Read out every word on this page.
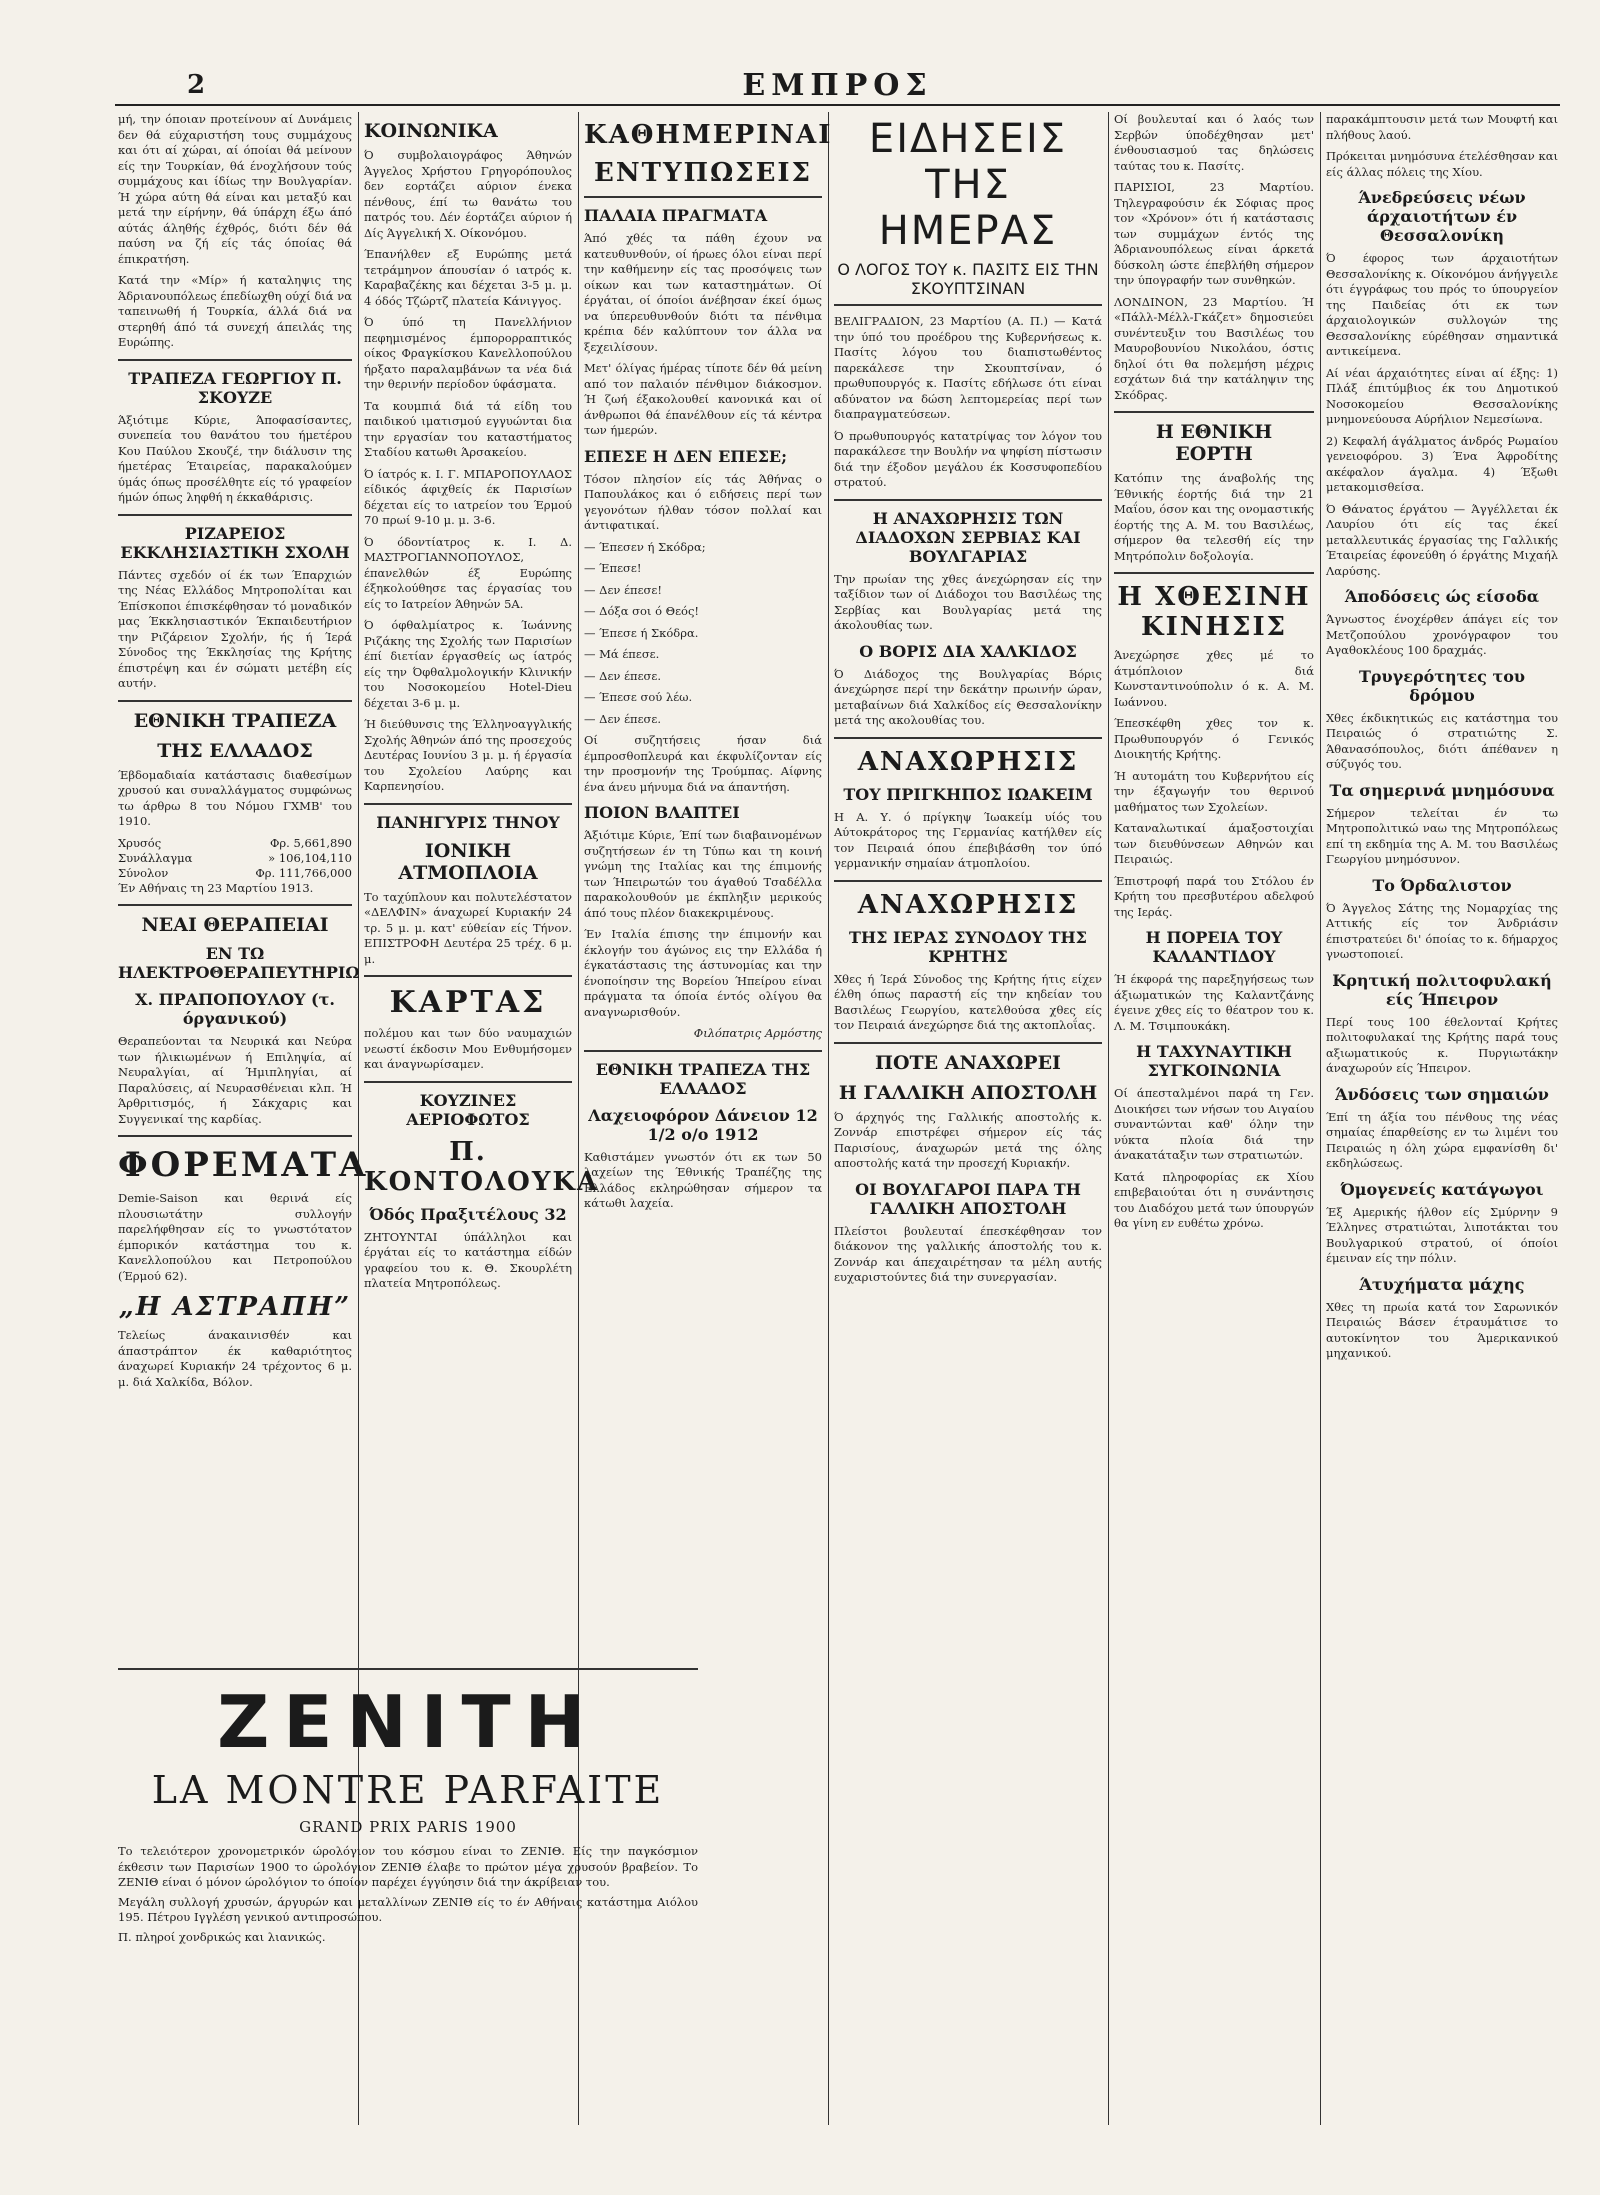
2	ΕΜΠΡΟΣ

μή, την όποιαν προτείνουν αί Δυνάμεις δεν θά εύχαριστήση τους συμμάχους και ότι αί χώραι, αί όποίαι θά μείνουν είς την Τουρκίαν, θά ένοχλήσουν τούς συμμάχους και ίδίως την Βουλγαρίαν. Ή χώρα αύτη θά είναι και μεταξύ και μετά την είρήνην, θά ύπάρχη έξω άπό αύτάς άληθής έχθρός, διότι δέν θά παύση να ζή είς τάς όποίας θά έπικρατήση.

Κατά την «Μίρ» ή καταληψις της Άδριανουπόλεως έπεδίωχθη ούχί διά να ταπεινωθή ή Τουρκία, άλλά διά να στερηθή άπό τά συνεχή άπειλάς της Ευρώπης.

ΤΡΑΠΕΖΑ ΓΕΩΡΓΙΟΥ Π. ΣΚΟΥΖΕ

Άξιότιμε Κύριε, Άποφασίσαντες, συνεπεία του θανάτου του ήμετέρου Κου Παύλου Σκουζέ, την διάλυσιν της ήμετέρας Έταιρείας, παρακαλούμεν ύμάς όπως προσέλθητε είς τό γραφείον ήμών όπως ληφθή η έκκαθάρισις.

ΡΙΖΑΡΕΙΟΣ ΕΚΚΛΗΣΙΑΣΤΙΚΗ ΣΧΟΛΗ

Πάντες σχεδόν οί έκ των Έπαρχιών της Νέας Ελλάδος Μητροπολίται και Έπίσκοποι έπισκέφθησαν τό μοναδικόν μας Έκκλησιαστικόν Έκπαιδευτήριον την Ριζάρειον Σχολήν, ής ή Ίερά Σύνοδος της Έκκλησίας της Κρήτης έπιστρέψη και έν σώματι μετέβη είς αυτήν.

ΕΘΝΙΚΗ ΤΡΑΠΕΖΑ
ΤΗΣ ΕΛΛΑΔΟΣ

Έβδομαδιαία κατάστασις διαθεσίμων χρυσού και συναλλάγματος συμφώνως τω άρθρω 8 του Νόμου ΓΧΜΒ' του 1910.

Χρυσός	Φρ. 5,661,890
Συνάλλαγμα	» 106,104,110
Σύνολον	Φρ. 111,766,000

Έν Αθήναις τη 23 Μαρτίου 1913.

ΝΕΑΙ ΘΕΡΑΠΕΙΑΙ
ΕΝ ΤΩ ΗΛΕΚΤΡΟΘΕΡΑΠΕΥΤΗΡΙΩ
Χ. ΠΡΑΠΟΠΟΥΛΟΥ (τ. όργανικού)

Θεραπεύονται τα Νευρικά και Νεύρα των ήλικιωμένων ή Επιληψία, αί Νευραλγίαι, αί Ήμιπληγίαι, αί Παραλύσεις, αί Νευρασθένειαι κλπ. Ή Άρθριτισμός, ή Σάκχαρις και Συγγενικαί της καρδίας.

ΦΟΡΕΜΑΤΑ

Demie-Saison και θερινά είς πλουσιωτάτην συλλογήν παρελήφθησαν είς το γνωστότατον έμπορικόν κατάστημα του κ. Κανελλοπούλου και Πετροπούλου (Έρμού 62).

„Η ΑΣΤΡΑΠΗ”

Τελείως άνακαινισθέν και άπαστράπτον έκ καθαριότητος άναχωρεί Κυριακήν 24 τρέχοντος 6 μ. μ. διά Χαλκίδα, Βόλον.

ΚΟΙΝΩΝΙΚΑ

Ό συμβολαιογράφος Άθηνών Άγγελος Χρήστου Γρηγορόπουλος δεν εορτάζει αύριον ένεκα πένθους, έπί τω θανάτω του πατρός του. Δέν έορτάζει αύριον ή Δίς Άγγελική Χ. Οίκονόμου.

Έπανήλθεν εξ Ευρώπης μετά τετράμηνον άπουσίαν ό ιατρός κ. Καραβαζέκης και δέχεται 3-5 μ. μ. 4 όδός Τζώρτζ πλατεία Κάνιγγος.

Ό ύπό τη Πανελλήνιον πεφημισμένος έμπορορραπτικός οίκος Φραγκίσκου Κανελλοπούλου ήρξατο παραλαμβάνων τα νέα διά την θερινήν περίοδον ύφάσματα.

Τα κουμπιά διά τά είδη του παιδικού ιματισμού εγγυώνται δια την εργασίαν του καταστήματος Σταδίου κατωθι Άρσακείου.

Ό ίατρός κ. Ι. Γ. ΜΠΑΡΟΠΟΥΛΑΟΣ είδικός άφιχθείς έκ Παρισίων δέχεται είς το ιατρείον του Έρμού 70 πρωί 9-10 μ. μ. 3-6.

Ό όδοντίατρος κ. Ι. Δ. ΜΑΣΤΡΟΓΙΑΝΝΟΠΟΥΛΟΣ, έπανελθών έξ Ευρώπης έξηκολούθησε τας έργασίας του είς το Ιατρείον Άθηνών 5Α.

Ό όφθαλμίατρος κ. Ίωάννης Ριζάκης της Σχολής των Παρισίων έπί διετίαν έργασθείς ως ίατρός είς την Όφθαλμολογικήν Κλινικήν του Νοσοκομείου Hotel-Dieu δέχεται 3-6 μ. μ.

Ή διεύθυνσις της Έλληνοαγγλικής Σχολής Άθηνών άπό της προσεχούς Δευτέρας Ιουνίου 3 μ. μ. ή έργασία του Σχολείου Λαύρης και Καρπενησίου.

ΠΑΝΗΓΥΡΙΣ ΤΗΝΟΥ
ΙΟΝΙΚΗ ΑΤΜΟΠΛΟΙΑ

Το ταχύπλουν και πολυτελέστατον «ΔΕΛΦΙΝ» άναχωρεί Κυριακήν 24 τρ. 5 μ. μ. κατ' εύθείαν είς Τήνον. ΕΠΙΣΤΡΟΦΗ Δευτέρα 25 τρέχ. 6 μ. μ.

ΚΑΡΤΑΣ

πολέμου και των δύο ναυμαχιών νεωστί έκδοσιν Μου Ενθυμήσομεν και άναγνωρίσαμεν.

ΚΟΥΖΙΝΕΣ ΑΕΡΙΟΦΩΤΟΣ
Π. ΚΟΝΤΟΛΟΥΚΑ
Όδός Πραξιτέλους 32

ΖΗΤΟΥΝΤΑΙ ύπάλληλοι και έργάται είς το κατάστημα είδών γραφείου του κ. Θ. Σκουρλέτη πλατεία Μητροπόλεως.

ΚΑΘΗΜΕΡΙΝΑΙ
ΕΝΤΥΠΩΣΕΙΣ
ΠΑΛΑΙΑ ΠΡΑΓΜΑΤΑ

Άπό χθές τα πάθη έχουν να κατευθυνθούν, οί ήρωες όλοι είναι περί την καθήμενην είς τας προσόψεις των οίκων και των καταστημάτων. Οί έργάται, οί όποίοι άνέβησαν έκεί όμως να ύπερευθυνθούν διότι τα πένθιμα κρέπια δέν καλύπτουν τον άλλα να ξεχειλίσουν.

Μετ' όλίγας ήμέρας τίποτε δέν θά μείνη από τον παλαιόν πένθιμον διάκοσμον. Ή ζωή έξακολουθεί κανονικά και οί άνθρωποι θά έπανέλθουν είς τά κέντρα των ήμερών.

ΕΠΕΣΕ Η ΔΕΝ ΕΠΕΣΕ;

Τόσον πλησίον είς τάς Άθήνας ο Παπουλάκος και ό ειδήσεις περί των γεγονότων ήλθαν τόσον πολλαί και άντιφατικαί.

— Έπεσεν ή Σκόδρα;

— Έπεσε!

— Δεν έπεσε!

— Δόξα σοι ό Θεός!

— Έπεσε ή Σκόδρα.

— Μά έπεσε.

— Δεν έπεσε.

— Έπεσε σού λέω.

— Δεν έπεσε.

Οί συζητήσεις ήσαν διά έμπροσθοπλευρά και έκφυλίζονταν είς την προσμονήν της Τρούμπας. Αίφνης ένα άνευ μήνυμα διά να άπαντήση.

ΠΟΙΟΝ ΒΛΑΠΤΕΙ

Άξιότιμε Κύριε, Έπί των διαβαινομένων συζητήσεων έν τη Τύπω και τη κοινή γνώμη της Ιταλίας και της έπιμονής των Ήπειρωτών του άγαθού Τσαδέλλα παρακολουθούν με έκπληξιν μερικούς άπό τους πλέον διακεκριμένους.

Έν Ιταλία έπισης την έπιμονήν και έκλογήν του άγώνος εις την Ελλάδα ή έγκατάστασις της άστυνομίας και την ένοποίησιν της Βορείου Ήπείρου είναι πράγματα τα όποία έντός ολίγου θα αναγνωρισθούν.

Φιλόπατρις Αρμόστης

ΕΘΝΙΚΗ ΤΡΑΠΕΖΑ ΤΗΣ ΕΛΛΑΔΟΣ
Λαχειοφόρον Δάνειον 12 1/2 ο/ο 1912

Καθιστάμεν γνωστόν ότι εκ των 50 λαχείων της Έθνικής Τραπέζης της Ελλάδος εκληρώθησαν σήμερον τα κάτωθι λαχεία.

ΕΙΔΗΣΕΙΣ ΤΗΣ ΗΜΕΡΑΣ
Ο ΛΟΓΟΣ ΤΟΥ κ. ΠΑΣΙΤΣ ΕΙΣ ΤΗΝ ΣΚΟΥΠΤΣΙΝΑΝ

ΒΕΛΙΓΡΑΔΙΟΝ, 23 Μαρτίου (Α. Π.) — Κατά την ύπό του προέδρου της Κυβερνήσεως κ. Πασίτς λόγου του διαπιστωθέντος παρεκάλεσε την Σκουπτσίναν, ό πρωθυπουργός κ. Πασίτς εδήλωσε ότι είναι αδύνατον να δώση λεπτομερείας περί των διαπραγματεύσεων.

Ό πρωθυπουργός κατατρίψας τον λόγον του παρακάλεσε την Βουλήν να ψηφίση πίστωσιν διά την έξοδον μεγάλου έκ Κοσσυφοπεδίου στρατού.

Η ΑΝΑΧΩΡΗΣΙΣ ΤΩΝ ΔΙΑΔΟΧΩΝ ΣΕΡΒΙΑΣ ΚΑΙ ΒΟΥΛΓΑΡΙΑΣ

Την πρωίαν της χθες άνεχώρησαν είς την ταξίδιον των οί Διάδοχοι του Βασιλέως της Σερβίας και Βουλγαρίας μετά της άκολουθίας των.

Ο ΒΟΡΙΣ ΔΙΑ ΧΑΛΚΙΔΟΣ

Ό Διάδοχος της Βουλγαρίας Βόρις άνεχώρησε περί την δεκάτην πρωινήν ώραν, μεταβαίνων διά Χαλκίδος είς Θεσσαλονίκην μετά της ακολουθίας του.

ΑΝΑΧΩΡΗΣΙΣ
ΤΟΥ ΠΡΙΓΚΗΠΟΣ ΙΩΑΚΕΙΜ

Η Α. Υ. ό πρίγκηψ Ίωακείμ υίός του Αύτοκράτορος της Γερμανίας κατήλθεν είς τον Πειραιά όπου έπεβιβάσθη τον ύπό γερμανικήν σημαίαν άτμοπλοίου.

ΑΝΑΧΩΡΗΣΙΣ
ΤΗΣ ΙΕΡΑΣ ΣΥΝΟΔΟΥ ΤΗΣ ΚΡΗΤΗΣ

Χθες ή Ίερά Σύνοδος της Κρήτης ήτις είχεν έλθη όπως παραστή είς την κηδείαν του Βασιλέως Γεωργίου, κατελθούσα χθες είς τον Πειραιά άνεχώρησε διά της ακτοπλοΐας.

ΠΟΤΕ ΑΝΑΧΩΡΕΙ
Η ΓΑΛΛΙΚΗ ΑΠΟΣΤΟΛΗ

Ό άρχηγός της Γαλλικής αποστολής κ. Ζοννάρ επιστρέφει σήμερον είς τάς Παρισίους, άναχωρών μετά της όλης αποστολής κατά την προσεχή Κυριακήν.

ΟΙ ΒΟΥΛΓΑΡΟΙ ΠΑΡΑ ΤΗ ΓΑΛΛΙΚΗ ΑΠΟΣΤΟΛΗ

Πλείστοι βουλευταί έπεσκέφθησαν τον διάκονον της γαλλικής άποστολής του κ. Ζοννάρ και άπεχαιρέτησαν τα μέλη αυτής ευχαριστούντες διά την συνεργασίαν.

Οί βουλευταί και ό λαός των Σερβών ύποδέχθησαν μετ' ένθουσιασμού τας δηλώσεις ταύτας του κ. Πασίτς.

ΠΑΡΙΣΙΟΙ, 23 Μαρτίου. Τηλεγραφούσιν έκ Σόφιας προς τον «Χρόνον» ότι ή κατάστασις των συμμάχων έντός της Άδριανουπόλεως είναι άρκετά δύσκολη ώστε έπεβλήθη σήμερον την ύπογραφήν των συνθηκών.

ΛΟΝΔΙΝΟΝ, 23 Μαρτίου. Ή «Πάλλ-Μέλλ-Γκάζετ» δημοσιεύει συνέντευξιν του Βασιλέως του Μαυροβουνίου Νικολάου, όστις δηλοί ότι θα πολεμήση μέχρις εσχάτων διά την κατάληψιν της Σκόδρας.

Η ΕΘΝΙΚΗ ΕΟΡΤΗ

Κατόπιν της άναβολής της Έθνικής έορτής διά την 21 Μαΐου, όσον και της ονομαστικής έορτής της Α. Μ. του Βασιλέως, σήμερον θα τελεσθή είς την Μητρόπολιν δοξολογία.

Η ΧΘΕΣΙΝΗ ΚΙΝΗΣΙΣ

Άνεχώρησε χθες μέ το άτμόπλοιον διά Κωνσταντινούπολιν ό κ. Α. Μ. Ιωάννου.

Έπεσκέφθη χθες τον κ. Πρωθυπουργόν ό Γενικός Διοικητής Κρήτης.

Ή αυτομάτη του Κυβερνήτου είς την έξαγωγήν του θερινού μαθήματος των Σχολείων.

Καταναλωτικαί άμαξοστοιχίαι των διευθύνσεων Αθηνών και Πειραιώς.

Έπιστροφή παρά του Στόλου έν Κρήτη του πρεσβυτέρου αδελφού της Ιεράς.

Η ΠΟΡΕΙΑ ΤΟΥ ΚΑΛΑΝΤΙΔΟΥ

Ή έκφορά της παρεξηγήσεως των άξιωματικών της Καλαντζάνης έγεινε χθες είς το θέατρον του κ. Λ. Μ. Τσιμπουκάκη.

Η ΤΑΧΥΝΑΥΤΙΚΗ ΣΥΓΚΟΙΝΩΝΙΑ

Οί άπεσταλμένοι παρά τη Γεν. Διοικήσει των νήσων του Αιγαίου συναντώνται καθ' όλην την νύκτα πλοία διά την άνακατάταξιν των στρατιωτών.

Κατά πληροφορίας εκ Χίου επιβεβαιούται ότι η συνάντησις του Διαδόχου μετά των ύπουργών θα γίνη εν ευθέτω χρόνω.

παρακάμπτουσιν μετά των Μουφτή και πλήθους λαού.

Πρόκειται μνημόσυνα έτελέσθησαν και είς άλλας πόλεις της Χίου.

Άνεδρεύσεις νέων άρχαιοτήτων έν Θεσσαλονίκη

Ό έφορος των άρχαιοτήτων Θεσσαλονίκης κ. Οίκονόμου άνήγγειλε ότι έγγράφως του πρός το ύπουργείον της Παιδείας ότι εκ των άρχαιολογικών συλλογών της Θεσσαλονίκης εύρέθησαν σημαντικά αντικείμενα.

Αί νέαι άρχαιότητες είναι αί έξης: 1) Πλάξ έπιτύμβιος έκ του Δημοτικού Νοσοκομείου Θεσσαλονίκης μνημονεύουσα Αύρήλιον Νεμεσίωνα.

2) Κεφαλή άγάλματος άνδρός Ρωμαίου γενειοφόρου. 3) Ένα Άφροδίτης ακέφαλον άγαλμα. 4) Έξωθι μετακομισθείσα.

Ό Θάνατος έργάτου — Άγγέλλεται έκ Λαυρίου ότι είς τας έκεί μεταλλευτικάς έργασίας της Γαλλικής Έταιρείας έφονεύθη ό έργάτης Μιχαήλ Λαρύσης.

Άποδόσεις ώς είσοδα

Άγνωστος ένοχέρθεν άπάγει είς τον Μετζοπούλου χρονόγραφον του Αγαθοκλέους 100 δραχμάς.

Τρυγερότητες του δρόμου

Χθες έκδικητικώς εις κατάστημα του Πειραιώς ό στρατιώτης Σ. Άθανασόπουλος, διότι άπέθανεν η σύζυγός του.

Τα σημερινά μνημόσυνα

Σήμερον τελείται έν τω Μητροπολιτικώ ναω της Μητροπόλεως επί τη εκδημία της Α. Μ. του Βασιλέως Γεωργίου μνημόσυνον.

Το Όρδαλιστον

Ό Άγγελος Σάτης της Νομαρχίας της Αττικής είς τον Άνδριάσιν έπιστρατεύει δι' όποίας το κ. δήμαρχος γνωστοποιεί.

Κρητική πολιτοφυλακή είς Ήπειρον

Περί τους 100 έθελονταί Κρήτες πολιτοφυλακαί της Κρήτης παρά τους αξιωματικούς κ. Πυργιωτάκην άναχωρούν είς Ήπειρον.

Άνδόσεις των σημαιών

Έπί τη άξία του πένθους της νέας σημαίας έπαρθείσης εν τω λιμένι του Πειραιώς η όλη χώρα εμφανίσθη δι' εκδηλώσεως.

Όμογενείς κατάγωγοι

Έξ Αμερικής ήλθον είς Σμύρνην 9 Έλληνες στρατιώται, λιποτάκται του Βουλγαρικού στρατού, οί όποίοι έμειναν είς την πόλιν.

Άτυχήματα μάχης

Χθες τη πρωία κατά τον Σαρωνικόν Πειραιώς Βάσεν έτραυμάτισε το αυτοκίνητον του Άμερικανικού μηχανικού.

ZENITH
LA MONTRE PARFAITE
GRAND PRIX PARIS 1900

Το τελειότερον χρονομετρικόν ώρολόγιον του κόσμου είναι το ΖΕΝΙΘ. Είς την παγκόσμιον έκθεσιν των Παρισίων 1900 το ώρολόγιον ΖΕΝΙΘ έλαβε το πρώτον μέγα χρυσούν βραβείον. Το ΖΕΝΙΘ είναι ό μόνον ώρολόγιον το όποίον παρέχει έγγύησιν διά την άκρίβειαν του.

Μεγάλη συλλογή χρυσών, άργυρών και μεταλλίνων ΖΕΝΙΘ είς το έν Αθήναις κατάστημα Αιόλου 195. Πέτρου Ιγγλέση γενικού αντιπροσώπου.

Π. πληροί χονδρικώς και λιανικώς.
